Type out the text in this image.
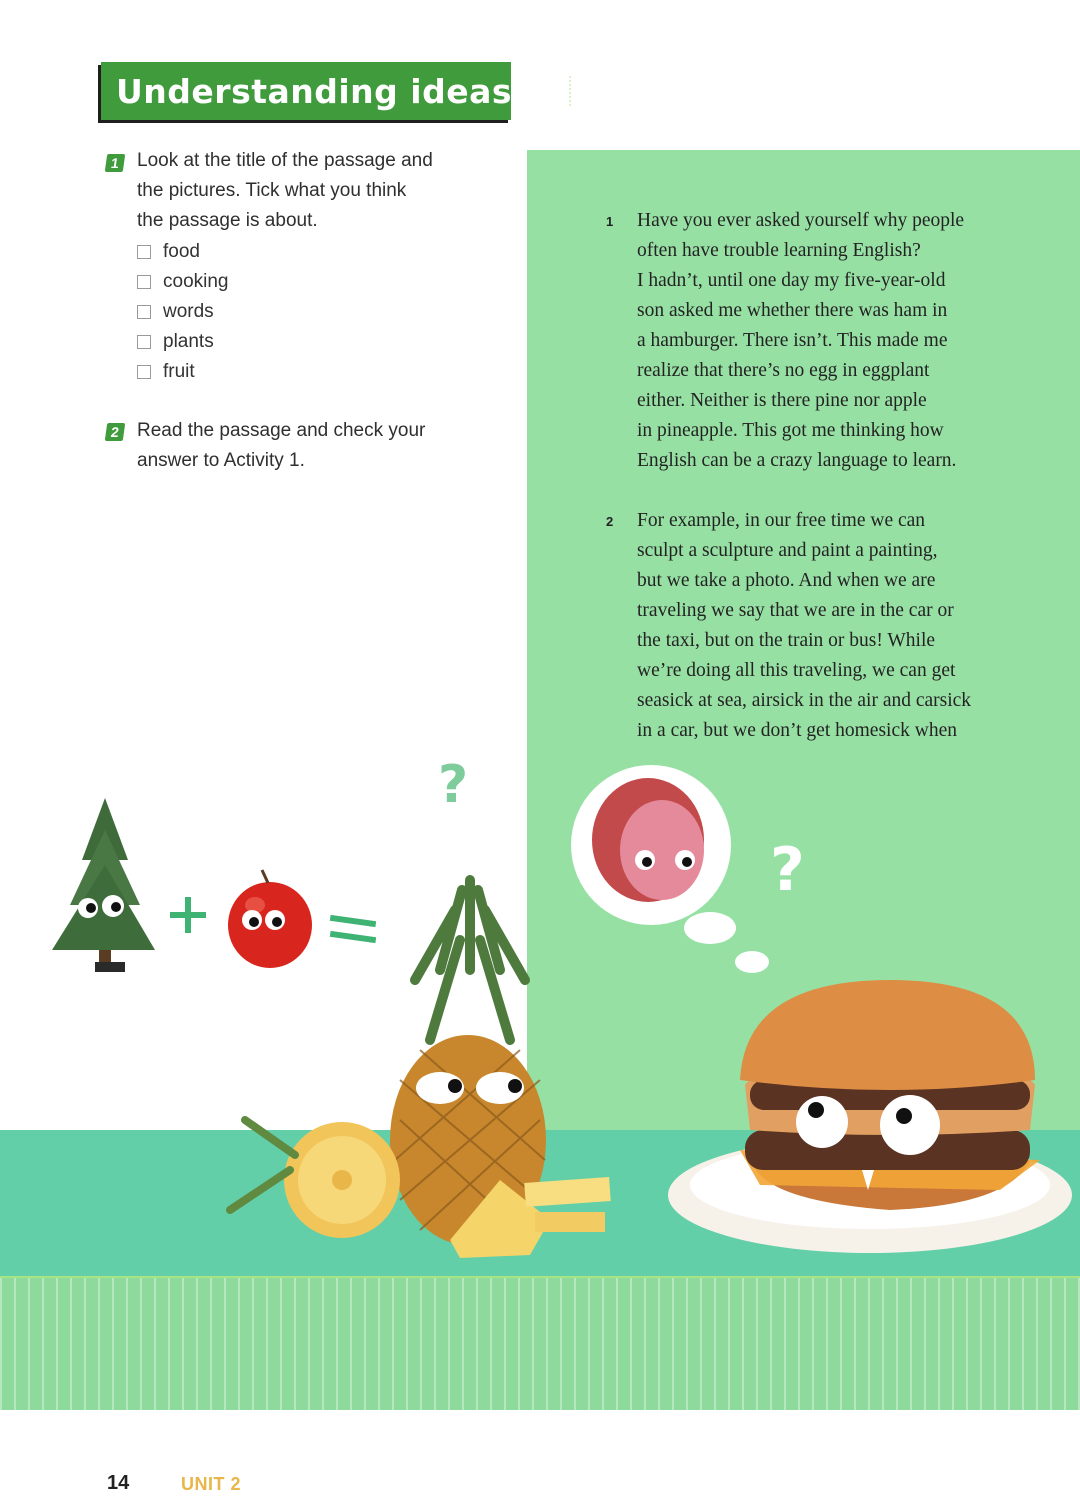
Understanding ideas
1 Look at the title of the passage and
the pictures. Tick what you think
the passage is about.
food
cooking
words
plants
fruit
2 Read the passage and check your
answer to Activity 1.
1 Have you ever asked yourself why people
often have trouble learning English?
I hadn’t, until one day my five-year-old
son asked me whether there was ham in
a hamburger. There isn’t. This made me
realize that there’s no egg in eggplant
either. Neither is there pine nor apple
in pineapple. This got me thinking how
English can be a crazy language to learn.
2 For example, in our free time we can
sculpt a sculpture and paint a painting,
but we take a photo. And when we are
traveling we say that we are in the car or
the taxi, but on the train or bus! While
we’re doing all this traveling, we can get
seasick at sea, airsick in the air and carsick
in a car, but we don’t get homesick when
?
?
14	UNIT 2
